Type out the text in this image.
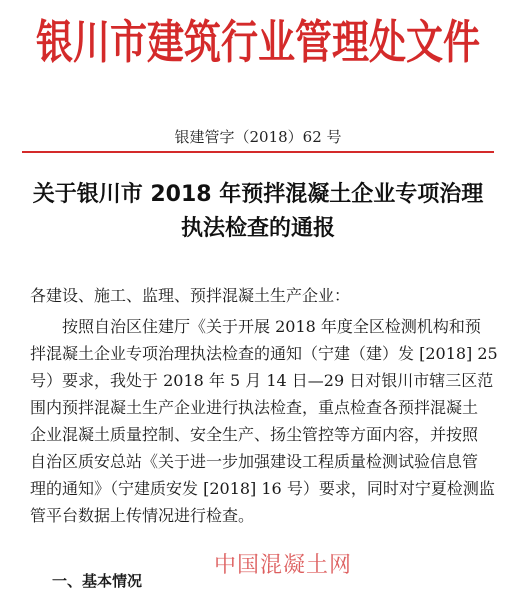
银川市建筑行业管理处文件
银建管字（2018）62 号
关于银川市 2018 年预拌混凝土企业专项治理
执法检查的通报
各建设、施工、监理、预拌混凝土生产企业：
按照自治区住建厅《关于开展 2018 年度全区检测机构和预
拌混凝土企业专项治理执法检查的通知（宁建（建）发 [2018] 25
号）要求，我处于 2018 年 5 月 14 日—29 日对银川市辖三区范
围内预拌混凝土生产企业进行执法检查，重点检查各预拌混凝土
企业混凝土质量控制、安全生产、扬尘管控等方面内容，并按照
自治区质安总站《关于进一步加强建设工程质量检测试验信息管
理的通知》（宁建质安发 [2018] 16 号）要求，同时对宁夏检测监
管平台数据上传情况进行检查。
中国混凝土网
一、基本情况
